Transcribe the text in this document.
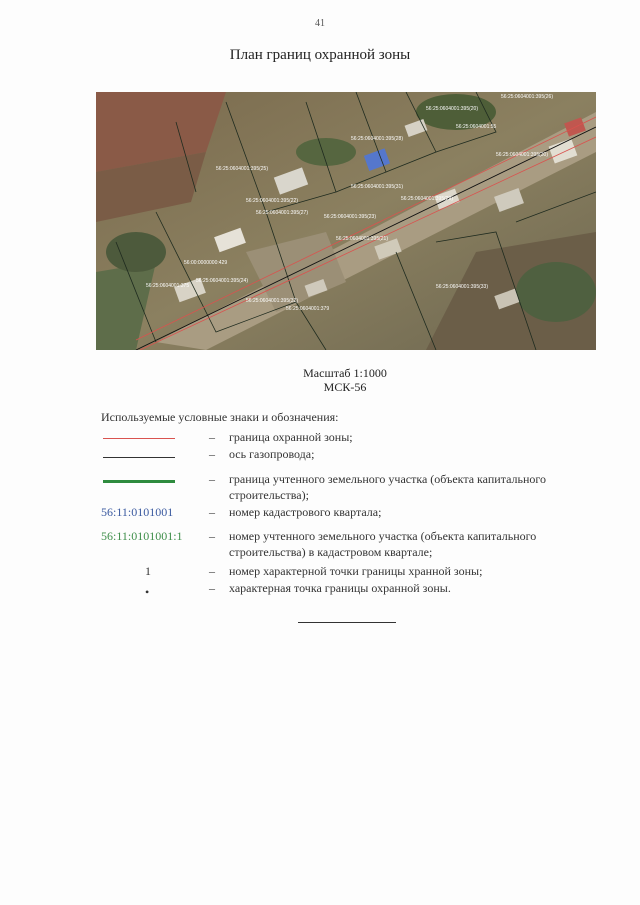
41
План границ охранной зоны
56:25:0604001:395(26)
56:25:0604001:395(20)
56:25:0604001:395(28)
56:25:0604001:55
56:25:0604001:395(30)
56:25:0604001:395(31)
56:25:0604001:395(25)
56:25:0604001:395(29)
56:25:0604001:395(22)
56:25:0604001:395(23)
56:25:0604001:395(21)
56:25:0604001:395(27)
56:00:0000000:429
56:25:0604001:375
56:25:0604001:395(32)
56:25:0604001:395(24)
56:25:0604001:395(33)
56:25:0604001:379
Масштаб 1:1000
МСК-56
Используемые условные знаки и обозначения:
– граница охранной зоны;
– ось газопровода;
– граница учтенного земельного участка (объекта капитального строительства);
56:11:0101001	– номер кадастрового квартала;
56:11:0101001:1 – номер учтенного земельного участка (объекта капитального строительства) в кадастровом квартале;
1	– номер характерной точки границы хранной зоны;
•	– характерная точка границы охранной зоны.
